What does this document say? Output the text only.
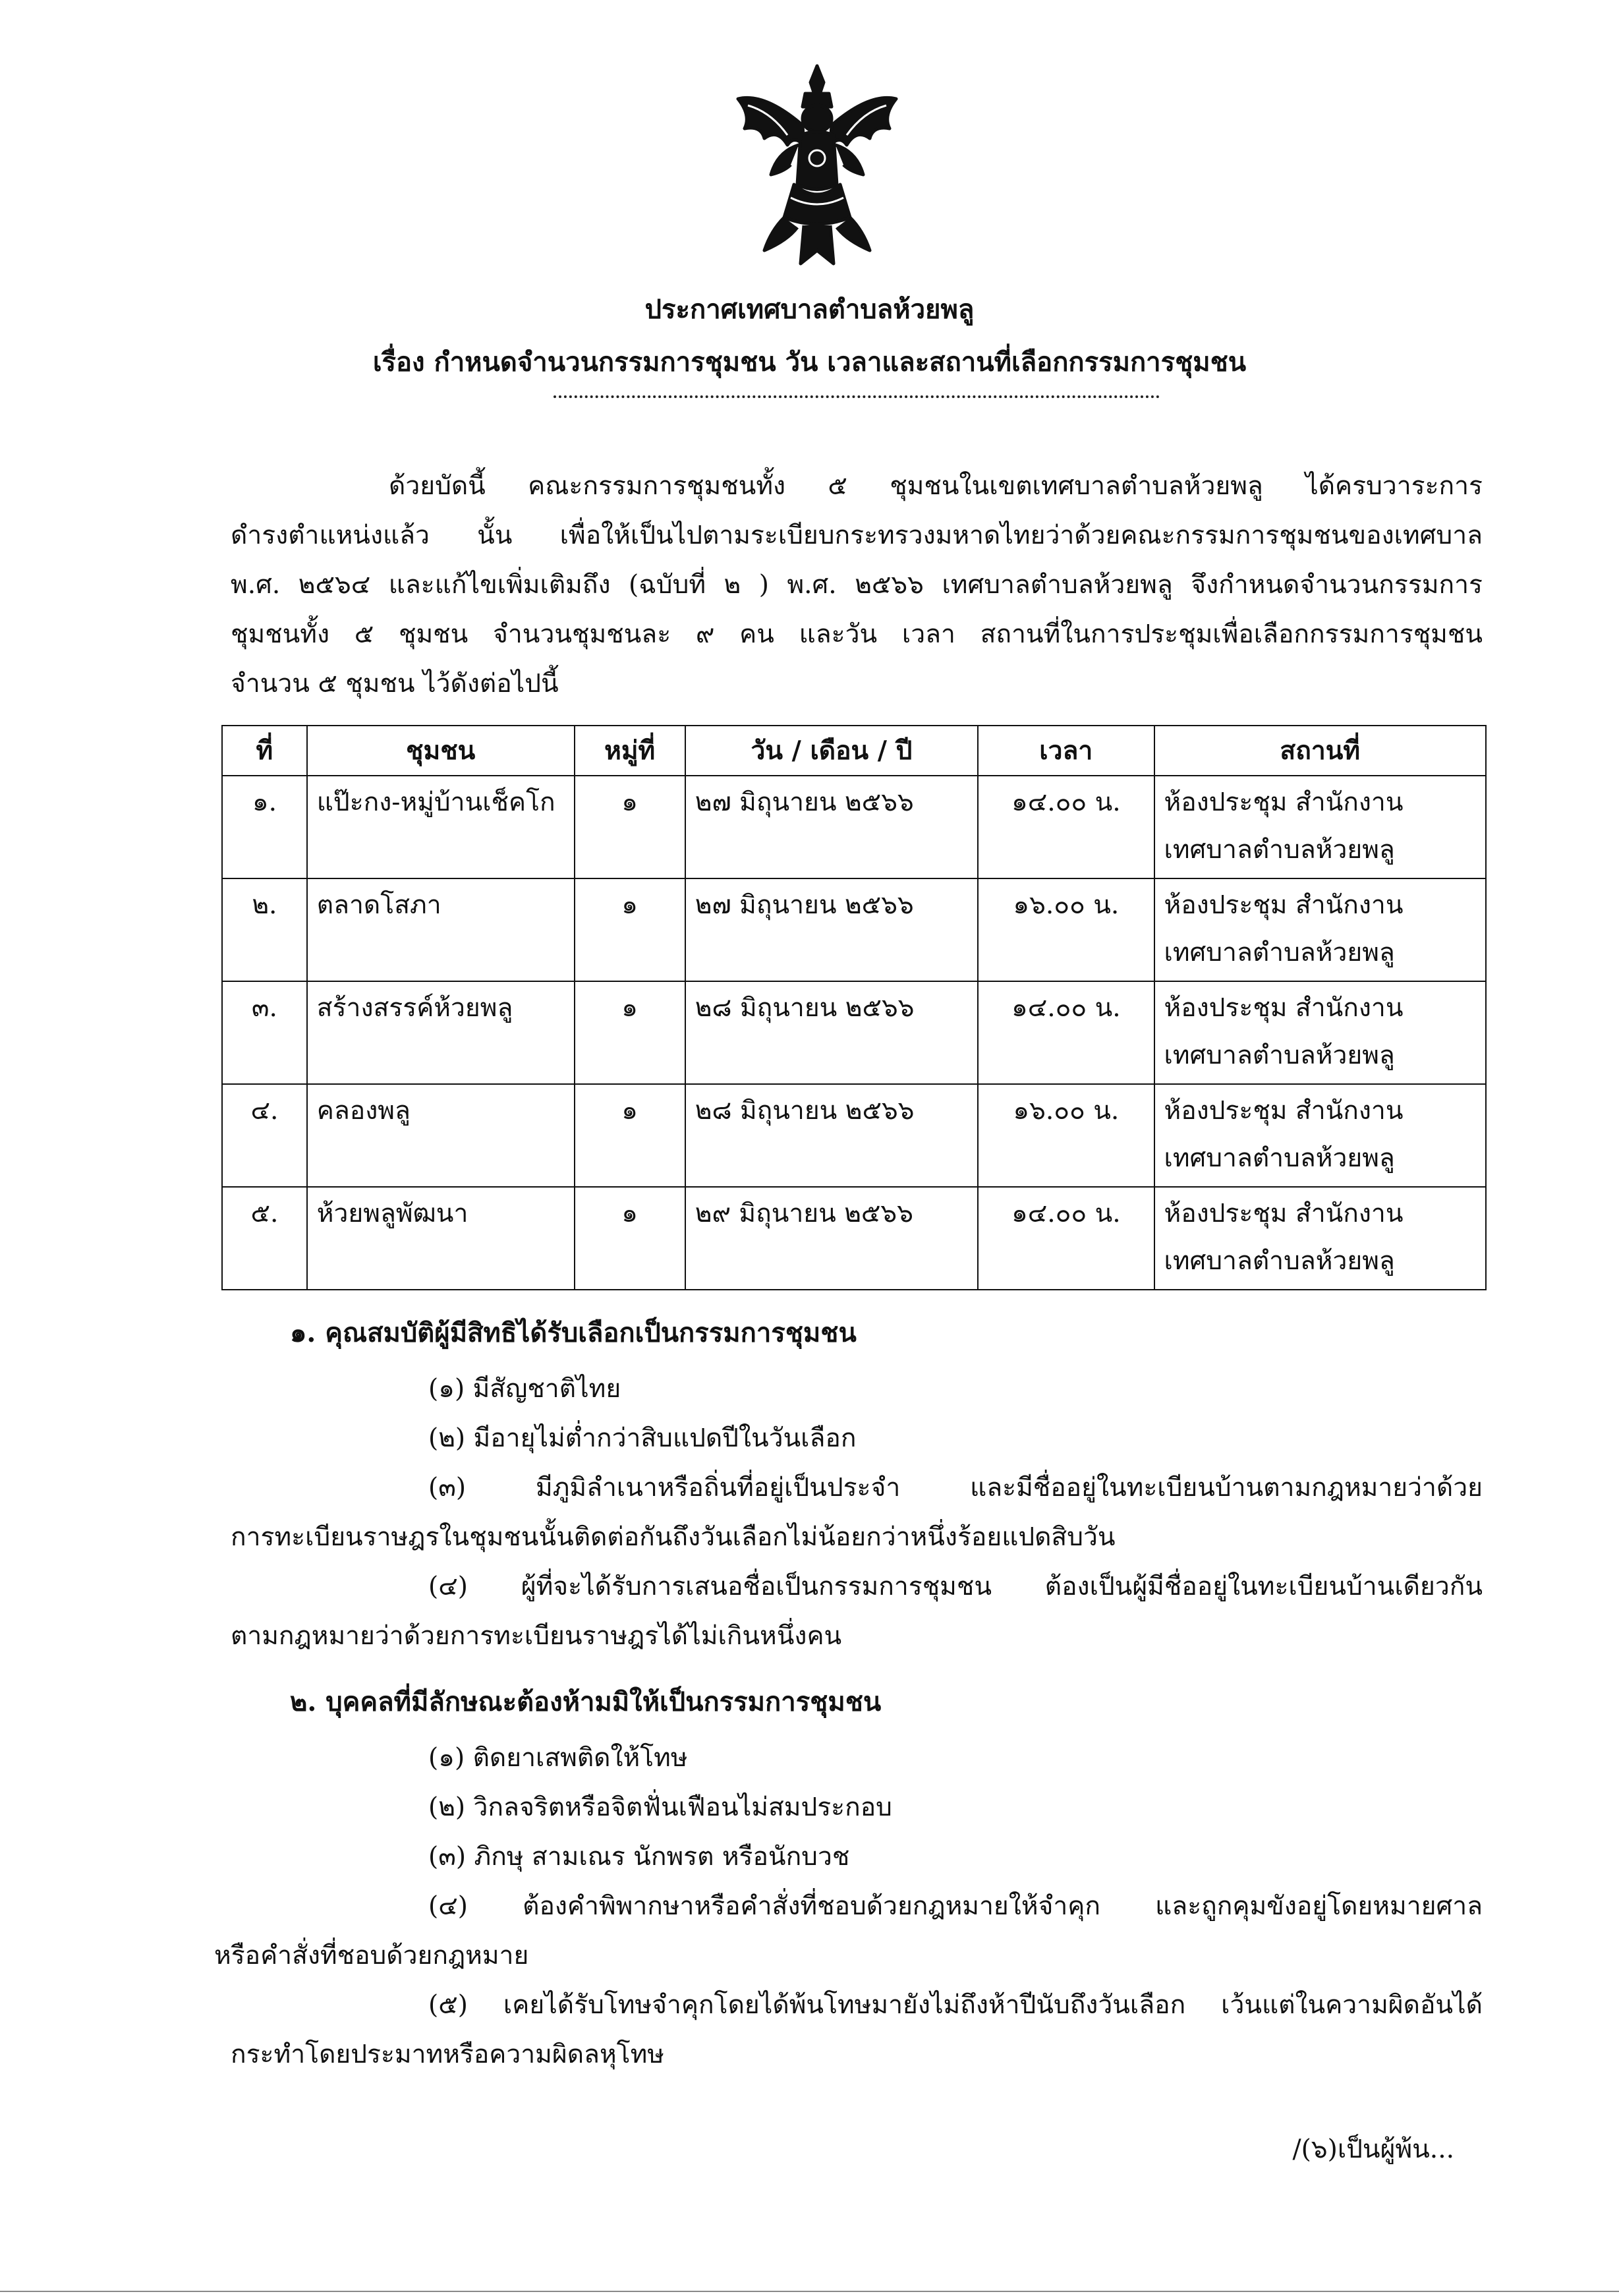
ประกาศเทศบาลตำบลห้วยพลู
เรื่อง กำหนดจำนวนกรรมการชุมชน วัน เวลาและสถานที่เลือกกรรมการชุมชน
ด้วยบัดนี้ คณะกรรมการชุมชนทั้ง ๕ ชุมชนในเขตเทศบาลตำบลห้วยพลู ได้ครบวาระการ
ดำรงตำแหน่งแล้ว นั้น เพื่อให้เป็นไปตามระเบียบกระทรวงมหาดไทยว่าด้วยคณะกรรมการชุมชนของเทศบาล
พ.ศ. ๒๕๖๔ และแก้ไขเพิ่มเติมถึง (ฉบับที่ ๒ ) พ.ศ. ๒๕๖๖ เทศบาลตำบลห้วยพลู จึงกำหนดจำนวนกรรมการ
ชุมชนทั้ง ๕ ชุมชน จำนวนชุมชนละ ๙ คน และวัน เวลา สถานที่ในการประชุมเพื่อเลือกกรรมการชุมชน
จำนวน ๕ ชุมชน ไว้ดังต่อไปนี้
ที่	ชุมชน	หมู่ที่	วัน / เดือน / ปี	เวลา	สถานที่
๑.	แป๊ะกง-หมู่บ้านเช็คโก	๑	๒๗ มิถุนายน ๒๕๖๖	๑๔.๐๐ น.	ห้องประชุม สำนักงาน
เทศบาลตำบลห้วยพลู

๒.	ตลาดโสภา	๑	๒๗ มิถุนายน ๒๕๖๖	๑๖.๐๐ น.	ห้องประชุม สำนักงาน
เทศบาลตำบลห้วยพลู

๓.	สร้างสรรค์ห้วยพลู	๑	๒๘ มิถุนายน ๒๕๖๖	๑๔.๐๐ น.	ห้องประชุม สำนักงาน
เทศบาลตำบลห้วยพลู

๔.	คลองพลู	๑	๒๘ มิถุนายน ๒๕๖๖	๑๖.๐๐ น.	ห้องประชุม สำนักงาน
เทศบาลตำบลห้วยพลู

๕.	ห้วยพลูพัฒนา	๑	๒๙ มิถุนายน ๒๕๖๖	๑๔.๐๐ น.	ห้องประชุม สำนักงาน
เทศบาลตำบลห้วยพลู
๑. คุณสมบัติผู้มีสิทธิได้รับเลือกเป็นกรรมการชุมชน
(๑) มีสัญชาติไทย
(๒) มีอายุไม่ต่ำกว่าสิบแปดปีในวันเลือก
(๓) มีภูมิลำเนาหรือถิ่นที่อยู่เป็นประจำ และมีชื่ออยู่ในทะเบียนบ้านตามกฎหมายว่าด้วย
การทะเบียนราษฎรในชุมชนนั้นติดต่อกันถึงวันเลือกไม่น้อยกว่าหนึ่งร้อยแปดสิบวัน
(๔) ผู้ที่จะได้รับการเสนอชื่อเป็นกรรมการชุมชน ต้องเป็นผู้มีชื่ออยู่ในทะเบียนบ้านเดียวกัน
ตามกฎหมายว่าด้วยการทะเบียนราษฎรได้ไม่เกินหนึ่งคน
๒. บุคคลที่มีลักษณะต้องห้ามมิให้เป็นกรรมการชุมชน
(๑) ติดยาเสพติดให้โทษ
(๒) วิกลจริตหรือจิตฟั่นเฟือนไม่สมประกอบ
(๓) ภิกษุ สามเณร นักพรต หรือนักบวช
(๔) ต้องคำพิพากษาหรือคำสั่งที่ชอบด้วยกฎหมายให้จำคุก และถูกคุมขังอยู่โดยหมายศาล
หรือคำสั่งที่ชอบด้วยกฎหมาย
(๕) เคยได้รับโทษจำคุกโดยได้พ้นโทษมายังไม่ถึงห้าปีนับถึงวันเลือก เว้นแต่ในความผิดอันได้
กระทำโดยประมาทหรือความผิดลหุโทษ
/(๖)เป็นผู้พ้น...
